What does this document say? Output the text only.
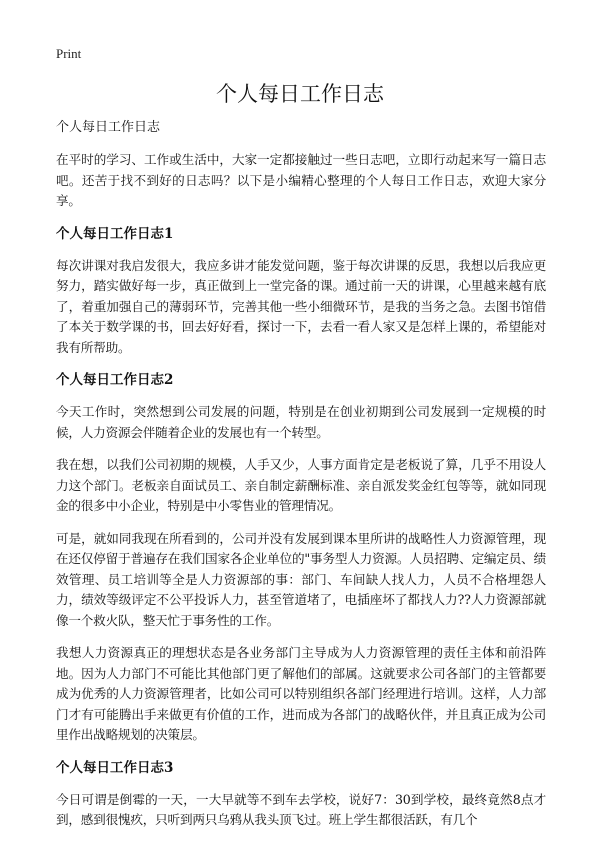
Print
个人每日工作日志

个人每日工作日志

在平时的学习、工作或生活中，大家一定都接触过一些日志吧，立即行动起来写一篇日志吧。还苦于找不到好的日志吗？以下是小编精心整理的个人每日工作日志，欢迎大家分享。

个人每日工作日志1

每次讲课对我启发很大，我应多讲才能发觉问题，鉴于每次讲课的反思，我想以后我应更努力，踏实做好每一步，真正做到上一堂完备的课。通过前一天的讲课，心里越来越有底了，着重加强自己的薄弱环节，完善其他一些小细微环节，是我的当务之急。去图书馆借了本关于数学课的书，回去好好看，探讨一下，去看一看人家又是怎样上课的，希望能对我有所帮助。

个人每日工作日志2

今天工作时，突然想到公司发展的问题，特别是在创业初期到公司发展到一定规模的时候，人力资源会伴随着企业的发展也有一个转型。

我在想，以我们公司初期的规模，人手又少，人事方面肯定是老板说了算，几乎不用设人力这个部门。老板亲自面试员工、亲自制定薪酬标准、亲自派发奖金红包等等，就如同现金的很多中小企业，特别是中小零售业的管理情况。

可是，就如同我现在所看到的，公司并没有发展到课本里所讲的战略性人力资源管理，现在还仅停留于普遍存在我们国家各企业单位的"事务型人力资源。人员招聘、定编定员、绩效管理、员工培训等全是人力资源部的事：部门、车间缺人找人力，人员不合格埋怨人力，绩效等级评定不公平投诉人力，甚至管道堵了，电插座坏了都找人力??人力资源部就像一个救火队，整天忙于事务性的工作。

我想人力资源真正的理想状态是各业务部门主导成为人力资源管理的责任主体和前沿阵地。因为人力部门不可能比其他部门更了解他们的部属。这就要求公司各部门的主管都要成为优秀的人力资源管理者，比如公司可以特别组织各部门经理进行培训。这样，人力部门才有可能腾出手来做更有价值的工作，进而成为各部门的战略伙伴，并且真正成为公司里作出战略规划的决策层。

个人每日工作日志3

今日可谓是倒霉的一天，一大早就等不到车去学校，说好7：30到学校，最终竟然8点才到，感到很愧疚，只听到两只乌鸦从我头顶飞过。班上学生都很活跃，有几个
